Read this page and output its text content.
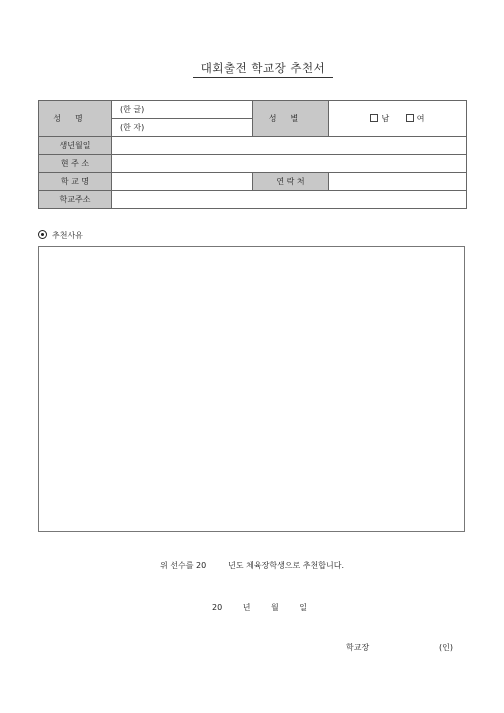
대회출전 학교장 추천서
성명	(한 글)	성별	남 여
	(한 자)		
생년월일			
현 주 소			
학 교 명		연 락 처	
학교주소			
추천사유
위 선수를 20	년도 체육장학생으로 추천합니다.
20	년	월	일
학교장	(인)
